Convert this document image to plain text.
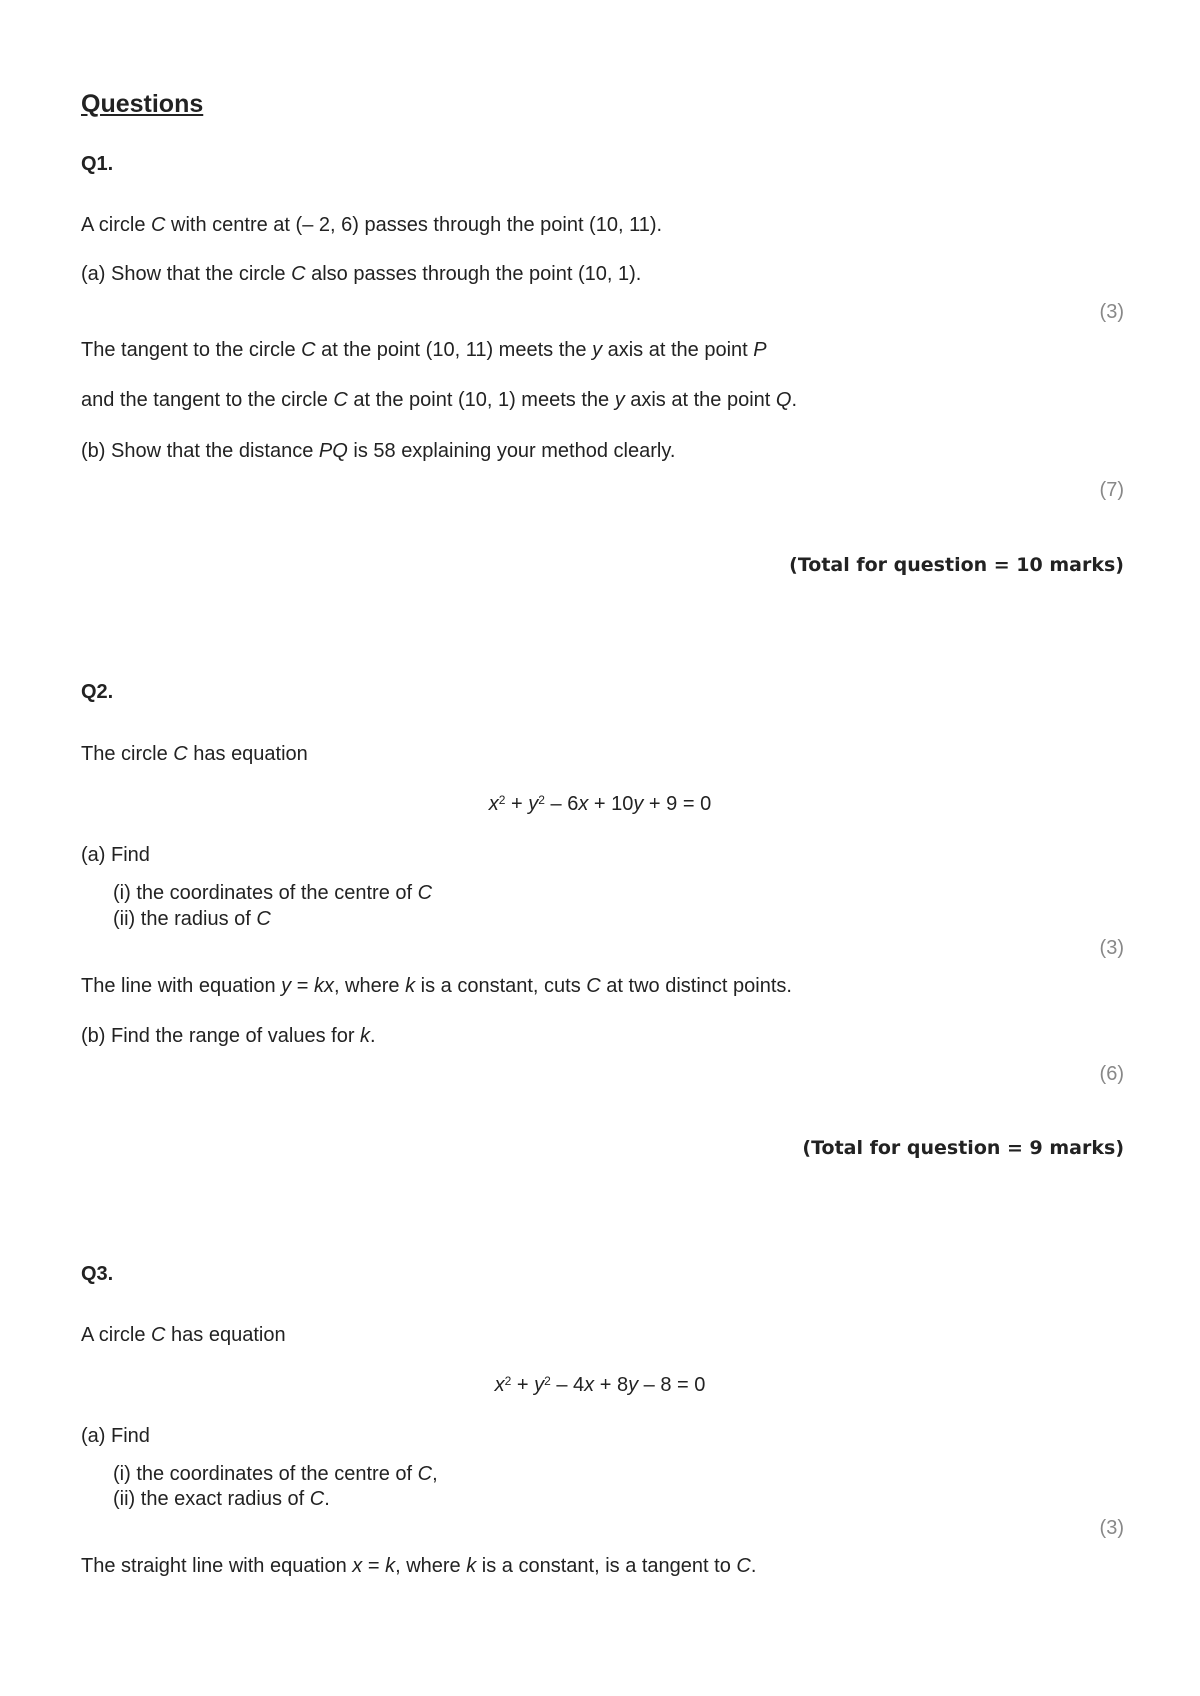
Questions
Q1.
A circle C with centre at (– 2, 6) passes through the point (10, 11).
(a) Show that the circle C also passes through the point (10, 1).
(3)
The tangent to the circle C at the point (10, 11) meets the y axis at the point P
and the tangent to the circle C at the point (10, 1) meets the y axis at the point Q.
(b) Show that the distance PQ is 58 explaining your method clearly.
(7)
(Total for question = 10 marks)
Q2.
The circle C has equation
$x^2 + y^2 - 6x + 10y + 9 = 0$
(a) Find
(i) the coordinates of the centre of C
(ii) the radius of C
(3)
The line with equation y = kx, where k is a constant, cuts C at two distinct points.
(b) Find the range of values for k.
(6)
(Total for question = 9 marks)
Q3.
A circle C has equation
$x^2 + y^2 - 4x + 8y - 8 = 0$
(a) Find
(i) the coordinates of the centre of C,
(ii) the exact radius of C.
(3)
The straight line with equation x = k, where k is a constant, is a tangent to C.
